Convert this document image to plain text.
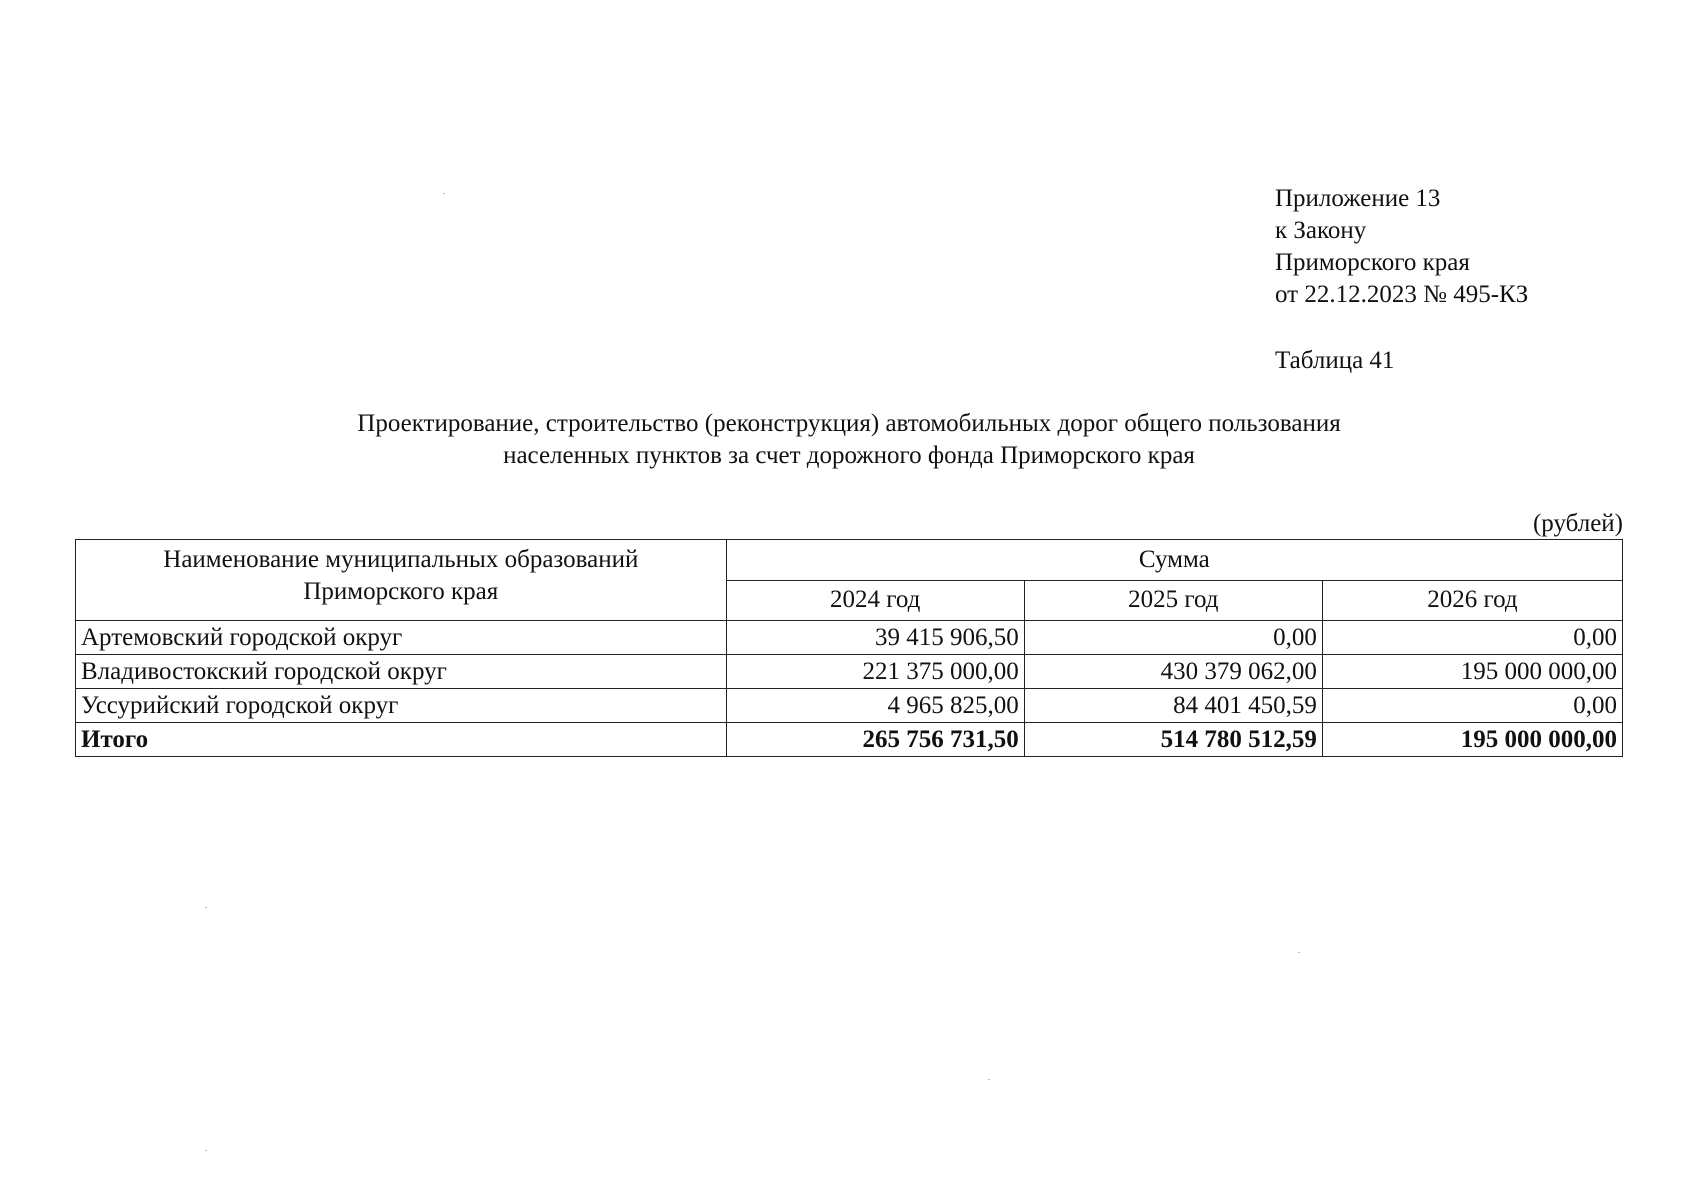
Приложение 13
к Закону
Приморского края
от 22.12.2023 № 495-КЗ
Таблица 41
Проектирование, строительство (реконструкция) автомобильных дорог общего пользования
населенных пунктов за счет дорожного фонда Приморского края
(рублей)
Наименование муниципальных образований Приморского края	Сумма		
	2024 год	2025 год	2026 год
Артемовский городской округ	39 415 906,50	0,00	0,00
Владивостокский городской округ	221 375 000,00	430 379 062,00	195 000 000,00
Уссурийский городской округ	4 965 825,00	84 401 450,59	0,00
Итого	265 756 731,50	514 780 512,59	195 000 000,00
